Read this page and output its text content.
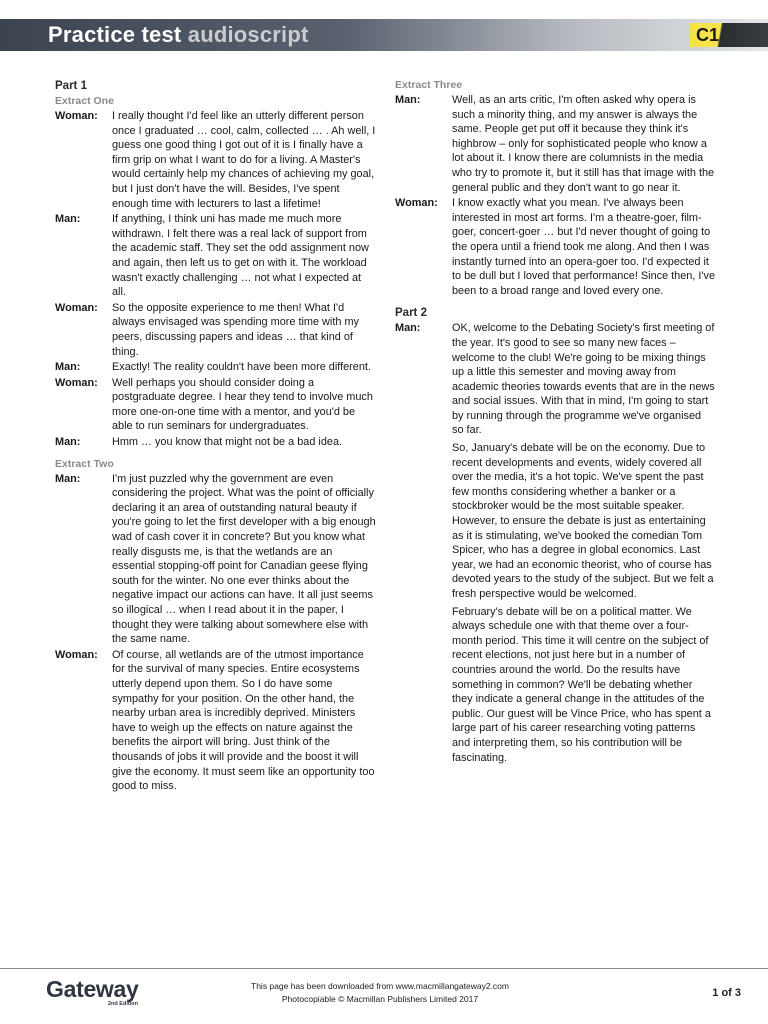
Practice test audioscript	C1
Part 1
Extract One
Woman:	I really thought I'd feel like an utterly different person once I graduated … cool, calm, collected … . Ah well, I guess one good thing I got out of it is I finally have a firm grip on what I want to do for a living. A Master's would certainly help my chances of achieving my goal, but I just don't have the will. Besides, I've spent enough time with lecturers to last a lifetime!
Man:	If anything, I think uni has made me much more withdrawn. I felt there was a real lack of support from the academic staff. They set the odd assignment now and again, then left us to get on with it. The workload wasn't exactly challenging … not what I expected at all.
Woman:	So the opposite experience to me then! What I'd always envisaged was spending more time with my peers, discussing papers and ideas … that kind of thing.
Man:	Exactly! The reality couldn't have been more different.
Woman:	Well perhaps you should consider doing a postgraduate degree. I hear they tend to involve much more one-on-one time with a mentor, and you'd be able to run seminars for undergraduates.
Man:	Hmm … you know that might not be a bad idea.
Extract Two
Man:	I'm just puzzled why the government are even considering the project. What was the point of officially declaring it an area of outstanding natural beauty if you're going to let the first developer with a big enough wad of cash cover it in concrete? But you know what really disgusts me, is that the wetlands are an essential stopping-off point for Canadian geese flying south for the winter. No one ever thinks about the negative impact our actions can have. It all just seems so illogical … when I read about it in the paper, I thought they were talking about somewhere else with the same name.
Woman:	Of course, all wetlands are of the utmost importance for the survival of many species. Entire ecosystems utterly depend upon them. So I do have some sympathy for your position. On the other hand, the nearby urban area is incredibly deprived. Ministers have to weigh up the effects on nature against the benefits the airport will bring. Just think of the thousands of jobs it will provide and the boost it will give the economy. It must seem like an opportunity too good to miss.
Extract Three
Man:	Well, as an arts critic, I'm often asked why opera is such a minority thing, and my answer is always the same. People get put off it because they think it's highbrow – only for sophisticated people who know a lot about it. I know there are columnists in the media who try to promote it, but it still has that image with the general public and they don't want to go near it.
Woman:	I know exactly what you mean. I've always been interested in most art forms. I'm a theatre-goer, film-goer, concert-goer … but I'd never thought of going to the opera until a friend took me along. And then I was instantly turned into an opera-goer too. I'd expected it to be dull but I loved that performance! Since then, I've been to a broad range and loved every one.
Part 2
Man:	OK, welcome to the Debating Society's first meeting of the year. It's good to see so many new faces – welcome to the club! We're going to be mixing things up a little this semester and moving away from academic theories towards events that are in the news and social issues. With that in mind, I'm going to start by running through the programme we've organised so far.

So, January's debate will be on the economy. Due to recent developments and events, widely covered all over the media, it's a hot topic. We've spent the past few months considering whether a banker or a stockbroker would be the most suitable speaker. However, to ensure the debate is just as entertaining as it is stimulating, we've booked the comedian Tom Spicer, who has a degree in global economics. Last year, we had an economic theorist, who of course has devoted years to the study of the subject. But we felt a fresh perspective would be welcomed.

February's debate will be on a political matter. We always schedule one with that theme over a four-month period. This time it will centre on the subject of recent elections, not just here but in a number of countries around the world. Do the results have something in common? We'll be debating whether they indicate a general change in the attitudes of the public. Our guest will be Vince Price, who has spent a large part of his career researching voting patterns and interpreting them, so his contribution will be fascinating.

Gateway
2nd Edition
This page has been downloaded from www.macmillangateway2.com
Photocopiable © Macmillan Publishers Limited 2017	1 of 3
